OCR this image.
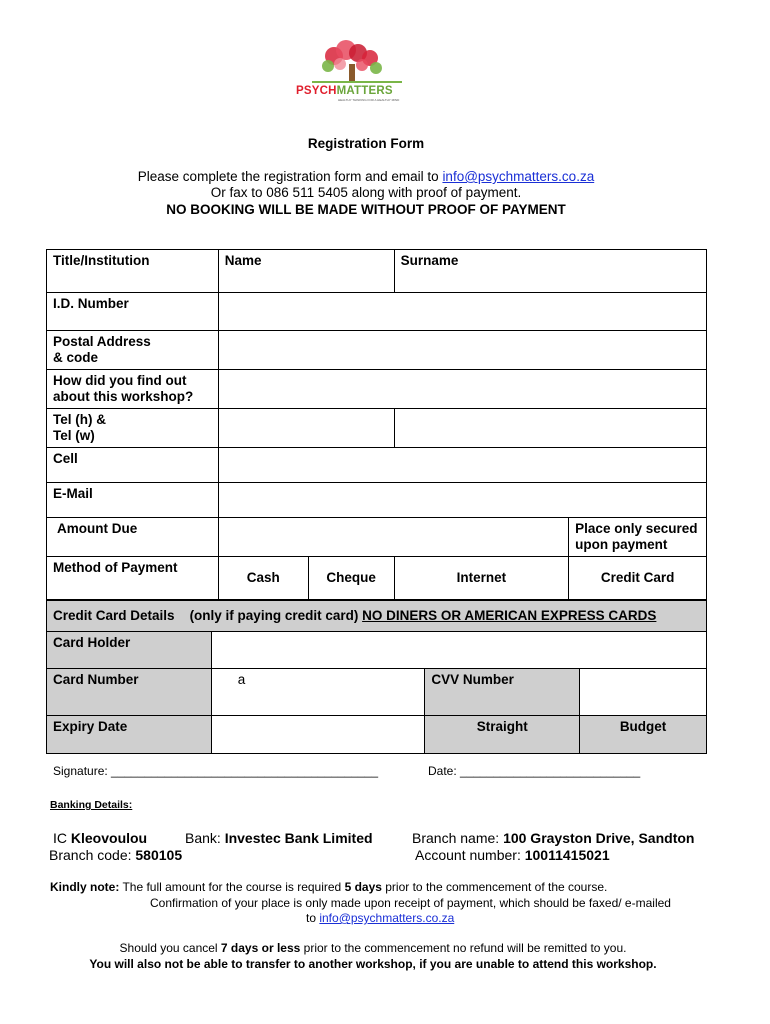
PSYCHMATTERS
HEALTHY THINKING FOR A HEALTHY MIND
Registration Form
Please complete the registration form and email to info@psychmatters.co.za
Or fax to 086 511 5405 along with proof of payment.
NO BOOKING WILL BE MADE WITHOUT PROOF OF PAYMENT
Title/Institution	Name		Surname	
I.D. Number				
Postal Address
& code				
How did you find out
about this workshop?				
Tel (h) &
Tel (w)				
Cell				
E-Mail				
Amount Due				Place only secured
upon payment
Method of Payment	Cash	Cheque	Internet	Credit Card
Credit Card Details (only if paying credit card) NO DINERS OR AMERICAN EXPRESS CARDS			
Card Holder			
Card Number	a	CVV Number	
Expiry Date		Straight	Budget
Signature: ________________________________________	Date: ___________________________
Banking Details:
IC Kleovoulou	Bank: Investec Bank Limited	Branch name: 100 Grayston Drive, Sandton
Branch code: 580105	Account number: 10011415021
Kindly note: The full amount for the course is required 5 days prior to the commencement of the course.
Confirmation of your place is only made upon receipt of payment, which should be faxed/ e-mailed
to info@psychmatters.co.za
Should you cancel 7 days or less prior to the commencement no refund will be remitted to you.
You will also not be able to transfer to another workshop, if you are unable to attend this workshop.
